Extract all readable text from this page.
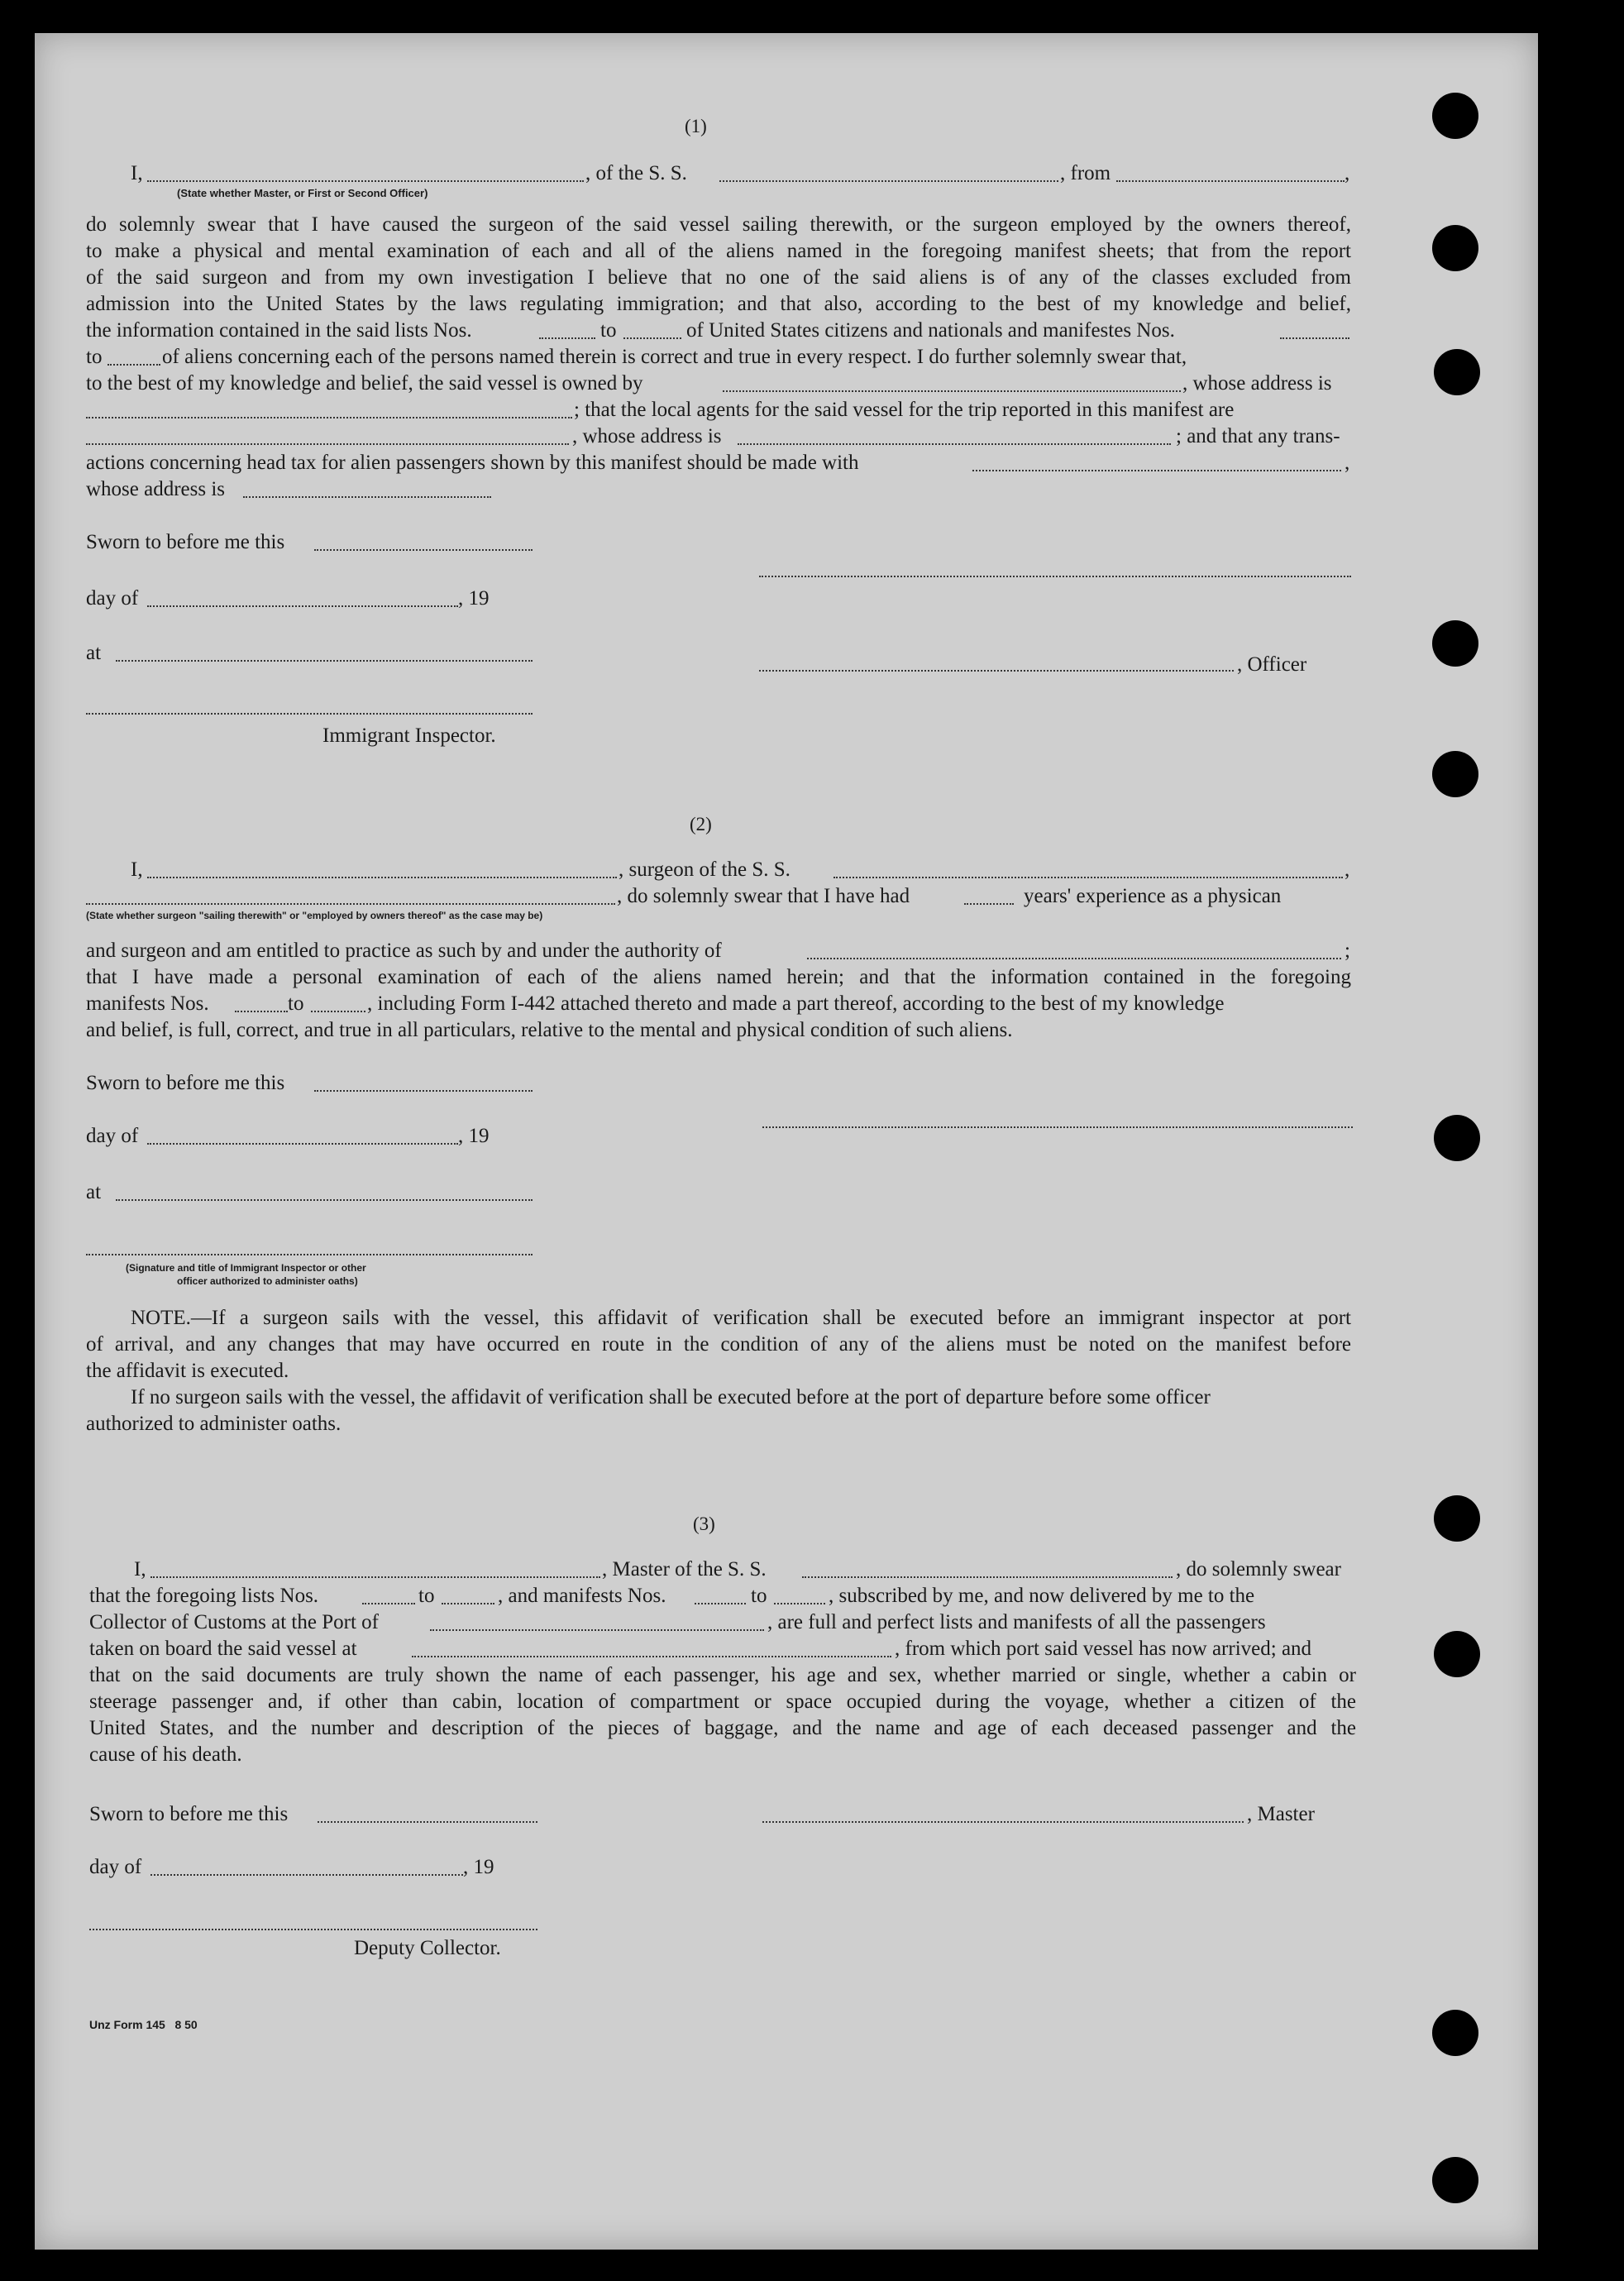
(1)
I,	, of the S. S.	, from	,
(State whether Master, or First or Second Officer)
do solemnly swear that I have caused the surgeon of the said vessel sailing therewith, or the surgeon employed by the owners thereof,
to make a physical and mental examination of each and all of the aliens named in the foregoing manifest sheets; that from the report
of the said surgeon and from my own investigation I believe that no one of the said aliens is of any of the classes excluded from
admission into the United States by the laws regulating immigration; and that also, according to the best of my knowledge and belief,
the information contained in the said lists Nos.	to	of United States citizens and nationals and manifestes Nos.
to	of aliens concerning each of the persons named therein is correct and true in every respect. I do further solemnly swear that,
to the best of my knowledge and belief, the said vessel is owned by	, whose address is
; that the local agents for the said vessel for the trip reported in this manifest are
, whose address is	; and that any trans-
actions concerning head tax for alien passengers shown by this manifest should be made with	,
whose address is
Sworn to before me this
day of	, 19
at
, Officer
Immigrant Inspector.
(2)
I,	, surgeon of the S. S.	,
, do solemnly swear that I have had	years' experience as a physican
(State whether surgeon "sailing therewith" or "employed by owners thereof" as the case may be)
and surgeon and am entitled to practice as such by and under the authority of	;
that I have made a personal examination of each of the aliens named herein; and that the information contained in the foregoing
manifests Nos.	to	, including Form I-442 attached thereto and made a part thereof, according to the best of my knowledge
and belief, is full, correct, and true in all particulars, relative to the mental and physical condition of such aliens.
Sworn to before me this
day of	, 19
at
(Signature and title of Immigrant Inspector or other
officer authorized to administer oaths)
NOTE.—If a surgeon sails with the vessel, this affidavit of verification shall be executed before an immigrant inspector at port
of arrival, and any changes that may have occurred en route in the condition of any of the aliens must be noted on the manifest before
the affidavit is executed.
If no surgeon sails with the vessel, the affidavit of verification shall be executed before at the port of departure before some officer
authorized to administer oaths.
(3)
I,	, Master of the S. S.	, do solemnly swear
that the foregoing lists Nos.	to	, and manifests Nos.	to	, subscribed by me, and now delivered by me to the
Collector of Customs at the Port of	, are full and perfect lists and manifests of all the passengers
taken on board the said vessel at	, from which port said vessel has now arrived; and
that on the said documents are truly shown the name of each passenger, his age and sex, whether married or single, whether a cabin or
steerage passenger and, if other than cabin, location of compartment or space occupied during the voyage, whether a citizen of the
United States, and the number and description of the pieces of baggage, and the name and age of each deceased passenger and the
cause of his death.
Sworn to before me this	, Master
day of	, 19
Deputy Collector.
Unz Form 145   8 50
